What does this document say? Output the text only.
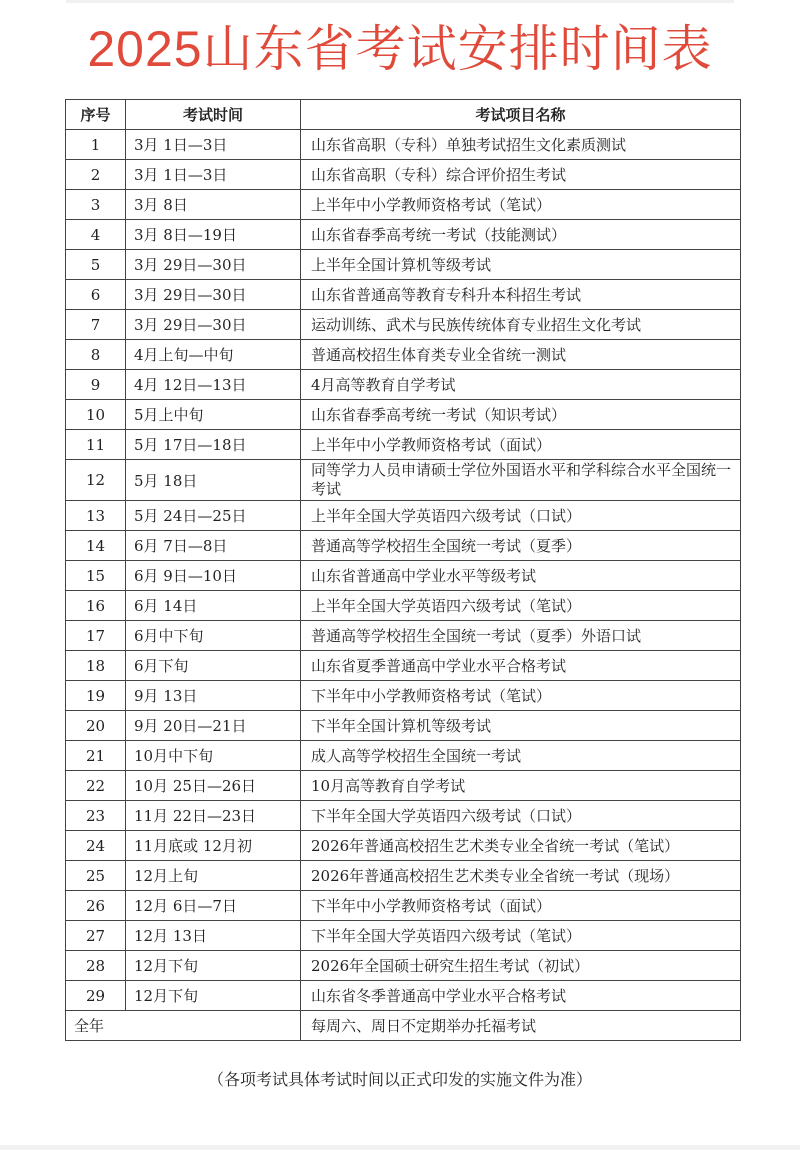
2025山东省考试安排时间表
序号	考试时间	考试项目名称
1	3月 1日—3日	山东省高职（专科）单独考试招生文化素质测试
2	3月 1日—3日	山东省高职（专科）综合评价招生考试
3	3月 8日	上半年中小学教师资格考试（笔试）
4	3月 8日—19日	山东省春季高考统一考试（技能测试）
5	3月 29日—30日	上半年全国计算机等级考试
6	3月 29日—30日	山东省普通高等教育专科升本科招生考试
7	3月 29日—30日	运动训练、武术与民族传统体育专业招生文化考试
8	4月上旬—中旬	普通高校招生体育类专业全省统一测试
9	4月 12日—13日	4月高等教育自学考试
10	5月上中旬	山东省春季高考统一考试（知识考试）
11	5月 17日—18日	上半年中小学教师资格考试（面试）
12	5月 18日	同等学力人员申请硕士学位外国语水平和学科综合水平全国统一考试
13	5月 24日—25日	上半年全国大学英语四六级考试（口试）
14	6月 7日—8日	普通高等学校招生全国统一考试（夏季）
15	6月 9日—10日	山东省普通高中学业水平等级考试
16	6月 14日	上半年全国大学英语四六级考试（笔试）
17	6月中下旬	普通高等学校招生全国统一考试（夏季）外语口试
18	6月下旬	山东省夏季普通高中学业水平合格考试
19	9月 13日	下半年中小学教师资格考试（笔试）
20	9月 20日—21日	下半年全国计算机等级考试
21	10月中下旬	成人高等学校招生全国统一考试
22	10月 25日—26日	10月高等教育自学考试
23	11月 22日—23日	下半年全国大学英语四六级考试（口试）
24	11月底或 12月初	2026年普通高校招生艺术类专业全省统一考试（笔试）
25	12月上旬	2026年普通高校招生艺术类专业全省统一考试（现场）
26	12月 6日—7日	下半年中小学教师资格考试（面试）
27	12月 13日	下半年全国大学英语四六级考试（笔试）
28	12月下旬	2026年全国硕士研究生招生考试（初试）
29	12月下旬	山东省冬季普通高中学业水平合格考试
全年		每周六、周日不定期举办托福考试
（各项考试具体考试时间以正式印发的实施文件为准）
